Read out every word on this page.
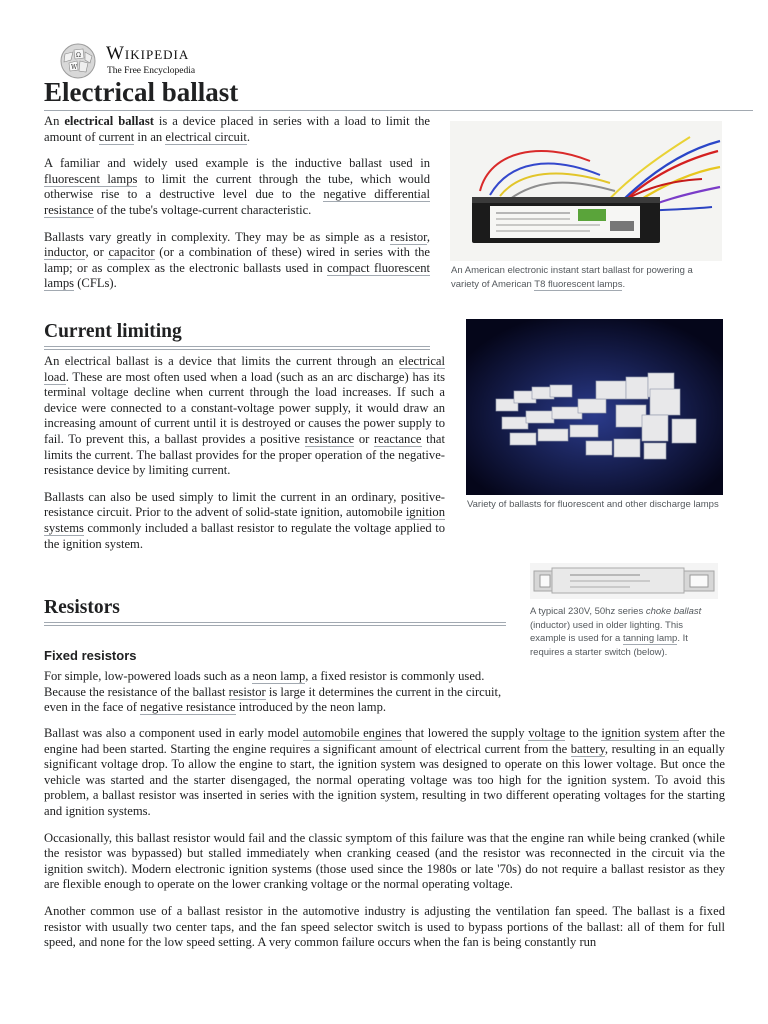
Ω
W
Wikipedia
The Free Encyclopedia
Electrical ballast

An electrical ballast is a device placed in series with a load to limit the amount of current in an electrical circuit.

A familiar and widely used example is the inductive ballast used in fluorescent lamps to limit the current through the tube, which would otherwise rise to a destructive level due to the negative differential resistance of the tube's voltage-current characteristic.

Ballasts vary greatly in complexity. They may be as simple as a resistor, inductor, or capacitor (or a combination of these) wired in series with the lamp; or as complex as the electronic ballasts used in compact fluorescent lamps (CFLs).

An American electronic instant start ballast for powering a variety of American T8 fluorescent lamps.
Current limiting

An electrical ballast is a device that limits the current through an electrical load. These are most often used when a load (such as an arc discharge) has its terminal voltage decline when current through the load increases. If such a device were connected to a constant-voltage power supply, it would draw an increasing amount of current until it is destroyed or causes the power supply to fail. To prevent this, a ballast provides a positive resistance or reactance that limits the current. The ballast provides for the proper operation of the negative-resistance device by limiting current.

Ballasts can also be used simply to limit the current in an ordinary, positive-resistance circuit. Prior to the advent of solid-state ignition, automobile ignition systems commonly included a ballast resistor to regulate the voltage applied to the ignition system.

Variety of ballasts for fluorescent and other discharge lamps
A typical 230V, 50hz series choke ballast (inductor) used in older lighting. This example is used for a tanning lamp. It requires a starter switch (below).
Resistors
Fixed resistors

For simple, low-powered loads such as a neon lamp, a fixed resistor is commonly used. Because the resistance of the ballast resistor is large it determines the current in the circuit, even in the face of negative resistance introduced by the neon lamp.

Ballast was also a component used in early model automobile engines that lowered the supply voltage to the ignition system after the engine had been started. Starting the engine requires a significant amount of electrical current from the battery, resulting in an equally significant voltage drop. To allow the engine to start, the ignition system was designed to operate on this lower voltage. But once the vehicle was started and the starter disengaged, the normal operating voltage was too high for the ignition system. To avoid this problem, a ballast resistor was inserted in series with the ignition system, resulting in two different operating voltages for the starting and ignition systems.

Occasionally, this ballast resistor would fail and the classic symptom of this failure was that the engine ran while being cranked (while the resistor was bypassed) but stalled immediately when cranking ceased (and the resistor was reconnected in the circuit via the ignition switch). Modern electronic ignition systems (those used since the 1980s or late '70s) do not require a ballast resistor as they are flexible enough to operate on the lower cranking voltage or the normal operating voltage.

Another common use of a ballast resistor in the automotive industry is adjusting the ventilation fan speed. The ballast is a fixed resistor with usually two center taps, and the fan speed selector switch is used to bypass portions of the ballast: all of them for full speed, and none for the low speed setting. A very common failure occurs when the fan is being constantly run
